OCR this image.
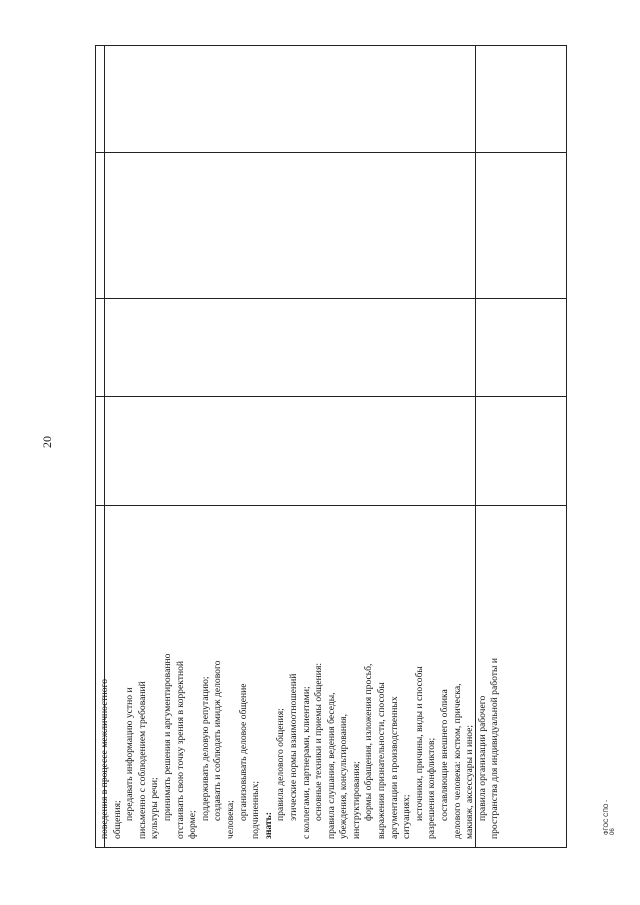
20
поведения в процессе межличностного общения; передавать информацию устно и письменно с соблюдением требований культуры речи; принимать решения и аргументированно отстаивать свою точку зрения в корректной форме;
поддерживать деловую репутацию; создавать и соблюдать имидж делового человека; организовывать деловое общение подчиненных; знать:
правила делового общения; этические нормы взаимоотношений с коллегами, партнерами, клиентами; основные техники и приемы общения: правила слушания, ведения беседы, убеждения, консультирования, инструктирования; формы обращения, изложения просьб, выражения признательности, способы аргументации в производственных ситуациях; источники, причины, виды и способы разрешения конфликтов; составляющие внешнего облика делового человека: костюм, прическа, макияж, аксессуары и иное; правила организации рабочего пространства для индивидуальной работы и	ФГОС СПО - 06
